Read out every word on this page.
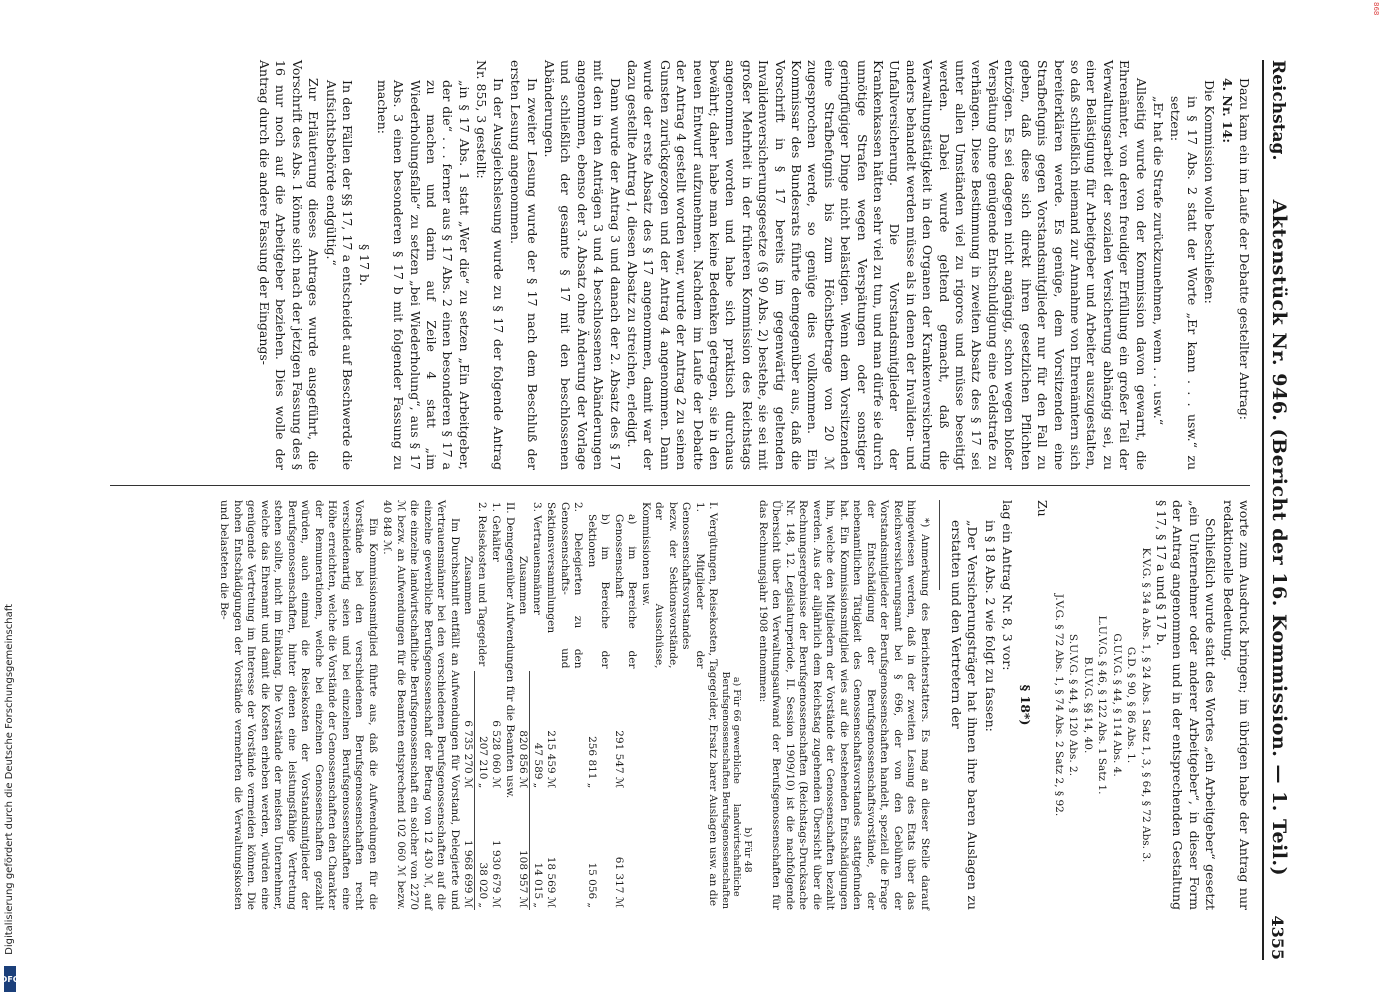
868
Digitalisierung gefördert durch die Deutsche Forschungsgemeinschaft
DFG
Reichstag.
Aktenstück Nr. 946. (Bericht der 16. Kommission. — 1. Teil.)
4355

Dazu kam ein im Laufe der Debatte gestellter Antrag:

4. Nr. 14:

Die Kommission wolle beschließen:

in § 17 Abs. 2 statt der Worte „Er kann . . . usw.“ zu setzen:

„Er hat die Strafe zurückzunehmen, wenn . . . usw.“

Allseitig wurde von der Kommission davon gewarnt, die Ehrenämter, von deren freudiger Erfüllung ein großer Teil der Verwaltungsarbeit der sozialen Versicherung abhängig sei, zu einer Belästigung für Arbeitgeber und Arbeiter auszugestalten, so daß schließlich niemand zur Annahme von Ehrenämtern sich bereiterklären werde. Es genüge, dem Vorsitzenden eine Strafbefugnis gegen Vorstandsmitglieder nur für den Fall zu geben, daß diese sich direkt ihren gesetzlichen Pflichten entzögen. Es sei dagegen nicht angängig, schon wegen bloßer Verspätung ohne genügende Entschuldigung eine Geldstrafe zu verhängen. Diese Bestimmung in zweiten Absatz des § 17 sei unter allen Umständen viel zu rigoros und müsse beseitigt werden. Dabei wurde geltend gemacht, daß die Verwaltungstätigkeit in den Organen der Krankenversicherung anders behandelt werden müsse als in denen der Invaliden- und Unfallversicherung. Die Vorstandsmitglieder der Krankenkassen hätten sehr viel zu tun, und man dürfe sie durch unnötige Strafen wegen Verspätungen oder sonstiger geringfügiger Dinge nicht belästigen. Wenn dem Vorsitzenden eine Strafbefugnis bis zum Höchstbetrage von 20 ℳ zugesprochen werde, so genüge dies vollkommen. Ein Kommissar des Bundesrats führte demgegenüber aus, daß die Vorschrift in § 17 bereits im gegenwärtig geltenden Invalidenversicherungsgesetze (§ 90 Abs. 2) bestehe, sie sei mit großer Mehrheit in der früheren Kommission des Reichstags angenommen worden und habe sich praktisch durchaus bewährt; daher habe man keine Bedenken getragen, sie in den neuen Entwurf aufzunehmen. Nachdem im Laufe der Debatte der Antrag 4 gestellt worden war, wurde der Antrag 2 zu seinen Gunsten zurückgezogen und der Antrag 4 angenommen. Dann wurde der erste Absatz des § 17 angenommen, damit war der dazu gestellte Antrag 1, diesen Absatz zu streichen, erledigt.

Dann wurde der Antrag 3 und danach der 2. Absatz des § 17 mit den in den Anträgen 3 und 4 beschlossenen Abänderungen angenommen, ebenso der 3. Absatz ohne Änderung der Vorlage und schließlich der gesamte § 17 mit den beschlossenen Abänderungen.

In zweiter Lesung wurde der § 17 nach dem Beschluß der ersten Lesung angenommen.

In der Ausgleichslesung wurde zu § 17 der folgende Antrag Nr. 855, 3 gestellt:

„in § 17 Abs. 1 statt „Wer die“ zu setzen „Ein Arbeitgeber, der die“ . . . ferner aus § 17 Abs. 2 einen besonderen § 17 a zu machen und darin auf Zeile 4 statt „im Wiederholungsfalle“ zu setzen „bei Wiederholung“, aus § 17 Abs. 3 einen besonderen § 17 b mit folgender Fassung zu machen:

§ 17 b.

In den Fällen der §§ 17, 17 a entscheidet auf Beschwerde die Aufsichtsbehörde endgültig.“

Zur Erläuterung dieses Antrages wurde ausgeführt, die Vorschrift des Abs. 1 könne sich nach der jetzigen Fassung des § 16 nur noch auf die Arbeitgeber beziehen. Dies wolle der Antrag durch die andere Fassung der Eingangs-

worte zum Ausdruck bringen; im übrigen habe der Antrag nur redaktionelle Bedeutung.

Schließlich wurde statt des Wortes „ein Arbeitgeber“ gesetzt „ein Unternehmer oder anderer Arbeitgeber“, in dieser Form der Antrag angenommen und in der entsprechenden Gestaltung § 17, § 17 a und § 17 b.

K.V.G. § 34 a Abs. 1, § 24 Abs. 1 Satz 1, 3, § 64, § 72 Abs. 3.

G.D. § 90, § 86 Abs. 1.

G.U.V.G. § 44, § 114 Abs. 4.

L.U.V.G. § 46, § 122 Abs. 1 Satz 1.

B.U.V.G. §§ 14, 40.

S.U.V.G. § 44, § 120 Abs. 2.

J.V.G. § 72 Abs. 1, § 74 Abs. 2 Satz 2, § 92.

Zu

§ 18*)

lag ein Antrag Nr. 8, 3 vor:

in § 18 Abs. 2 wie folgt zu fassen:

„Der Versicherungsträger hat ihnen ihre baren Auslagen zu erstatten und den Vertretern der

*) Anmerkung des Berichterstatters. Es mag an dieser Stelle darauf hingewiesen werden, daß in der zweiten Lesung des Etats über das Reichsversicherungsamt bei § 696, der von den Gebühren der Vorstandsmitglieder der Berufsgenossenschaften handelt, speziell die Frage der Entschädigung der Berufsgenossenschaftsvorstände, der nebenamtlichen Tätigkeit des Genossenschaftsvorstandes stattgefunden hat. Ein Kommissionsmitglied wies auf die bestehenden Entschädigungen hin, welche den Mitgliedern der Vorstände der Genossenschaften bezahlt werden. Aus der alljährlich dem Reichstag zugehenden Übersicht über die Rechnungsergebnisse der Berufsgenossenschaften (Reichstags-Drucksache Nr. 148, 12. Legislaturperiode, II. Session 1909/10) ist die nachfolgende Übersicht über den Verwaltungsaufwand der Berufsgenossenschaften für das Rechnungsjahr 1908 entnommen:

	a) Für 66 gewerbliche Berufsgenossenschaften	b) Für 48 landwirtschaftliche Berufsgenossenschaften
I. Vergütungen, Reisekosten, Tagegelder, Ersatz barer Auslagen usw. an die		
1. Mitglieder der Genossenschaftsvorstandes bezw. der Sektionsvorstände, der Ausschüsse, Kommissionen usw.		
a) im Bereiche der Genossenschaft	291 547 ℳ	61 317 ℳ
b) im Bereiche der Sektionen	256 811 „	15 056 „
2. Delegierten zu den Genossenschafts- und Sektionsversammlungen	215 459 ℳ	18 569 ℳ
3. Vertrauensmänner	47 589 „	14 015 „
Zusammen	820 856 ℳ	108 957 ℳ
II. Demgegenüber Aufwendungen für die Beamten usw.		
1. Gehälter	6 528 060 ℳ	1 930 679 ℳ
2. Reisekosten und Tagegelder	207 210 „	38 020 „
Zusammen	6 735 270 ℳ	1 968 699 ℳ

Im Durchschnitt entfällt an Aufwendungen für Vorstand, Delegierte und Vertrauensmänner bei den verschiedenen Berufsgenossenschaften auf die einzelne gewerbliche Berufsgenossenschaft der Betrag von 12 430 ℳ, auf die einzelne landwirtschaftliche Berufsgenossenschaft ein solcher von 2270 ℳ bezw. an Aufwendungen für die Beamten entsprechend 102 060 ℳ bezw. 40 848 ℳ.

Ein Kommissionsmitglied führte aus, daß die Aufwendungen für die Vorstände bei den verschiedenen Berufsgenossenschaften recht verschiedenartig seien und bei einzelnen Berufsgenossenschaften eine Höhe erreichten, welche die Vorstände der Genossenschaften den Charakter der Remunerationen, welche bei einzelnen Genossenschaften gezahlt würden, auch einmal die Reisekosten der Vorstandsmitglieder der Berufsgenossenschaften, hinter denen eine leistungsfähige Vertretung stehen sollte, nicht im Einklang. Die Vorstände der meisten Unternehmer, welche das Ehrenamt und damit die Kosten erheben werden, würden eine genügende Vertretung im Interesse der Vorstände vermeiden können. Die hohen Entschädigungen der Vorstände vermehrten die Verwaltungskosten und belasteten die Be-
